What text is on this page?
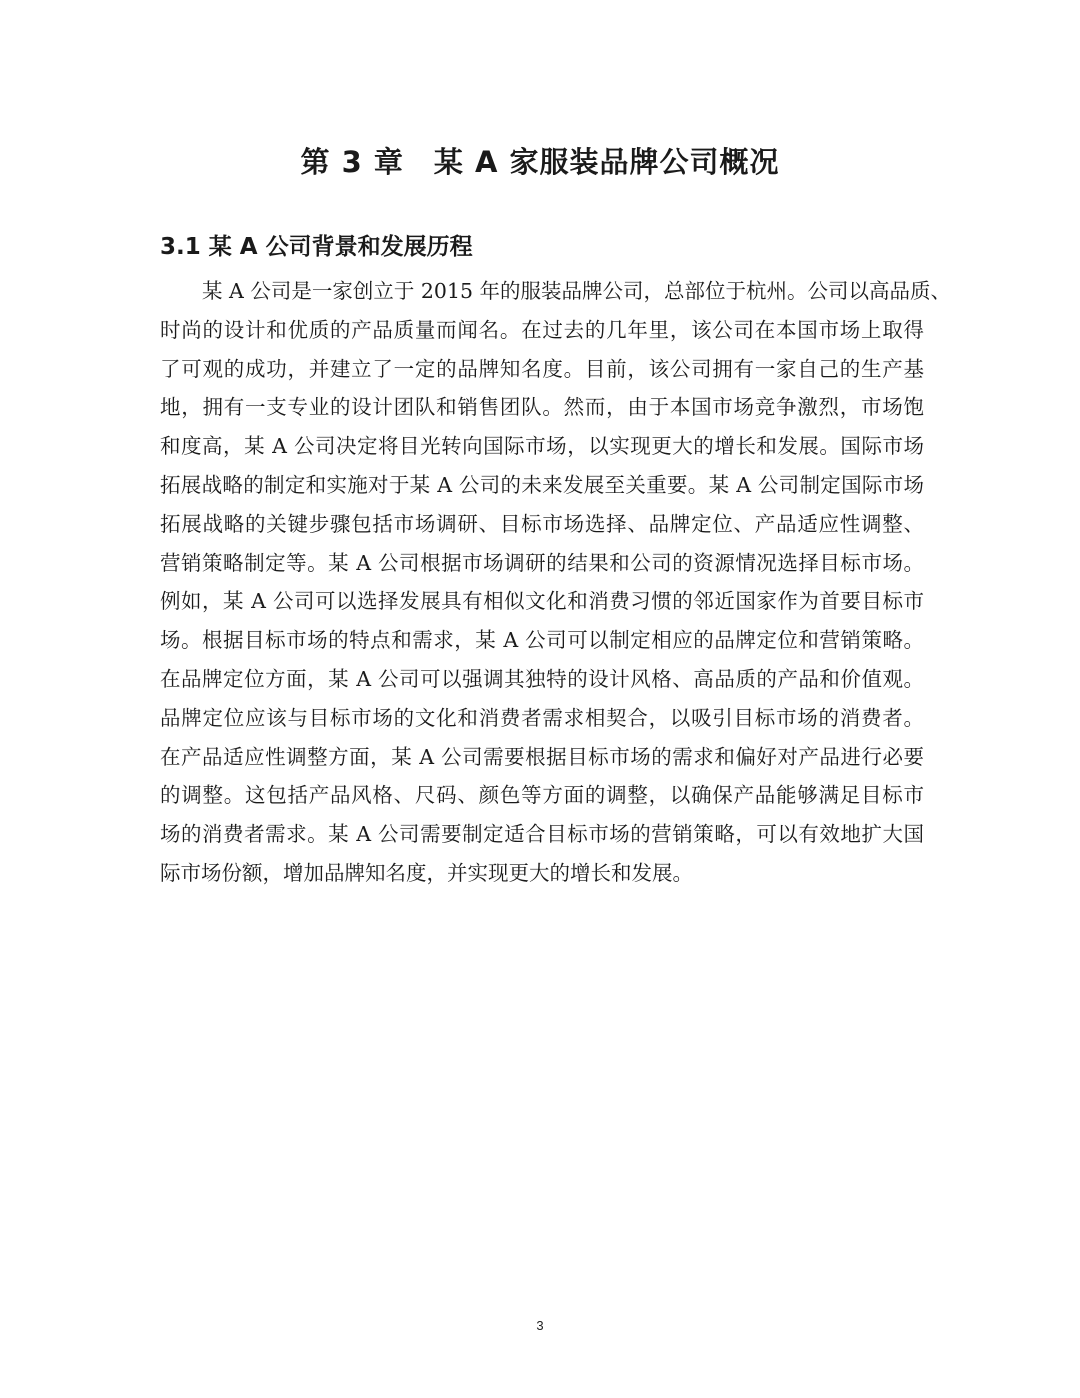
第 3 章　某 A 家服装品牌公司概况
3.1 某 A 公司背景和发展历程
某 A 公司是一家创立于 2015 年的服装品牌公司，总部位于杭州。公司以高品质、
时尚的设计和优质的产品质量而闻名。在过去的几年里，该公司在本国市场上取得
了可观的成功，并建立了一定的品牌知名度。目前，该公司拥有一家自己的生产基
地，拥有一支专业的设计团队和销售团队。然而，由于本国市场竞争激烈，市场饱
和度高，某 A 公司决定将目光转向国际市场，以实现更大的增长和发展。国际市场
拓展战略的制定和实施对于某 A 公司的未来发展至关重要。某 A 公司制定国际市场
拓展战略的关键步骤包括市场调研、目标市场选择、品牌定位、产品适应性调整、
营销策略制定等。某 A 公司根据市场调研的结果和公司的资源情况选择目标市场。
例如，某 A 公司可以选择发展具有相似文化和消费习惯的邻近国家作为首要目标市
场。根据目标市场的特点和需求，某 A 公司可以制定相应的品牌定位和营销策略。
在品牌定位方面，某 A 公司可以强调其独特的设计风格、高品质的产品和价值观。
品牌定位应该与目标市场的文化和消费者需求相契合，以吸引目标市场的消费者。
在产品适应性调整方面，某 A 公司需要根据目标市场的需求和偏好对产品进行必要
的调整。这包括产品风格、尺码、颜色等方面的调整，以确保产品能够满足目标市
场的消费者需求。某 A 公司需要制定适合目标市场的营销策略，可以有效地扩大国
际市场份额，增加品牌知名度，并实现更大的增长和发展。
3
